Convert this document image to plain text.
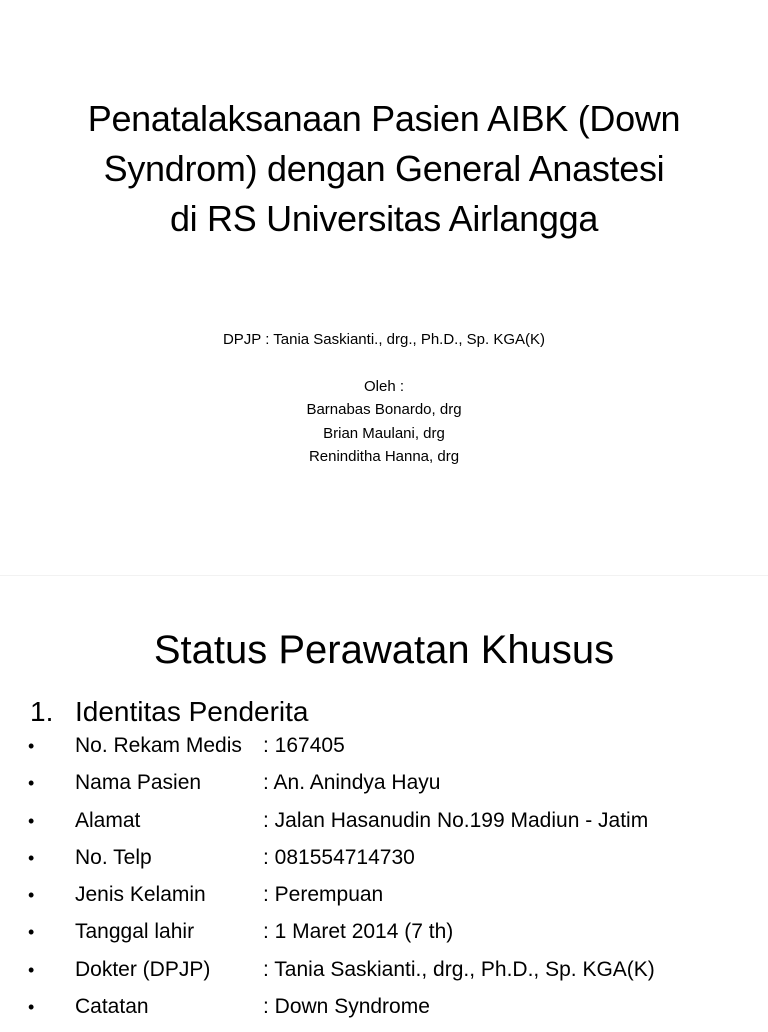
Penatalaksanaan Pasien AIBK (Down
Syndrom) dengan General Anastesi
di RS Universitas Airlangga
DPJP : Tania Saskianti., drg., Ph.D., Sp. KGA(K)
Oleh :
Barnabas Bonardo, drg
Brian Maulani, drg
Reninditha Hanna, drg
Status Perawatan Khusus
1. Identitas Penderita
•	No. Rekam Medis	: 167405
•	Nama Pasien	: An. Anindya Hayu
•	Alamat	: Jalan Hasanudin No.199 Madiun - Jatim
•	No. Telp	: 081554714730
•	Jenis Kelamin	: Perempuan
•	Tanggal lahir	: 1 Maret 2014 (7 th)
•	Dokter (DPJP)	: Tania Saskianti., drg., Ph.D., Sp. KGA(K)
•	Catatan	: Down Syndrome
